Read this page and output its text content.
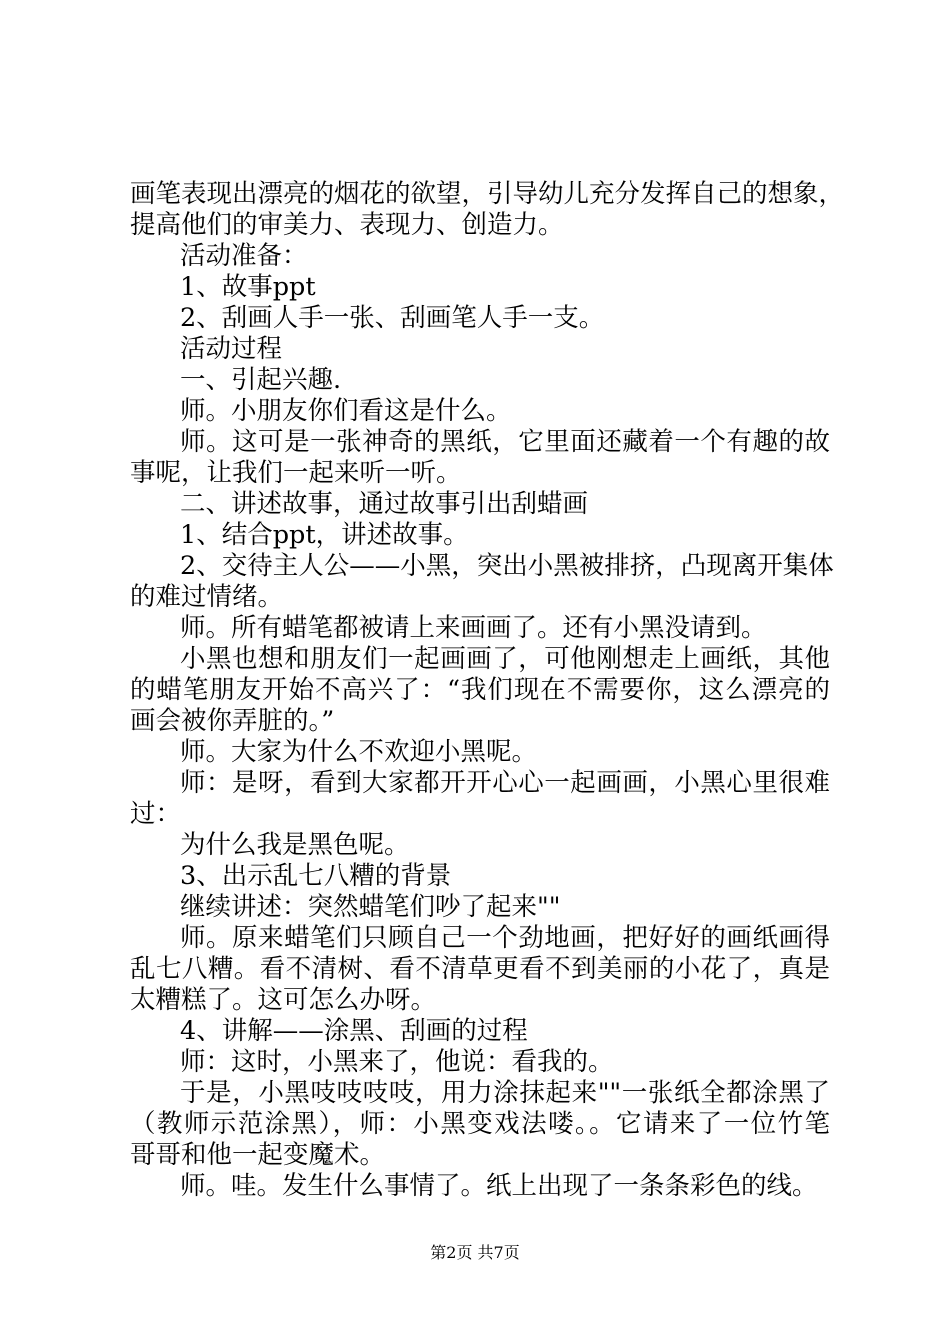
画笔表现出漂亮的烟花的欲望，引导幼儿充分发挥自己的想象，
提高他们的审美力、表现力、创造力。
活动准备：
1、故事ppt
2、刮画人手一张、刮画笔人手一支。
活动过程
一、引起兴趣.
师。小朋友你们看这是什么。
师。这可是一张神奇的黑纸，它里面还藏着一个有趣的故
事呢，让我们一起来听一听。
二、讲述故事，通过故事引出刮蜡画
1、结合ppt，讲述故事。
2、交待主人公——小黑，突出小黑被排挤，凸现离开集体
的难过情绪。
师。所有蜡笔都被请上来画画了。还有小黑没请到。
小黑也想和朋友们一起画画了，可他刚想走上画纸，其他
的蜡笔朋友开始不高兴了：“我们现在不需要你，这么漂亮的
画会被你弄脏的。”
师。大家为什么不欢迎小黑呢。
师：是呀，看到大家都开开心心一起画画，小黑心里很难
过：
为什么我是黑色呢。
3、出示乱七八糟的背景
继续讲述：突然蜡笔们吵了起来""
师。原来蜡笔们只顾自己一个劲地画，把好好的画纸画得
乱七八糟。看不清树、看不清草更看不到美丽的小花了，真是
太糟糕了。这可怎么办呀。
4、讲解——涂黑、刮画的过程
师：这时，小黑来了，他说：看我的。
于是，小黑吱吱吱吱，用力涂抹起来""一张纸全都涂黑了
（教师示范涂黑），师：小黑变戏法喽。。它请来了一位竹笔
哥哥和他一起变魔术。
师。哇。发生什么事情了。纸上出现了一条条彩色的线。
第2页 共7页
